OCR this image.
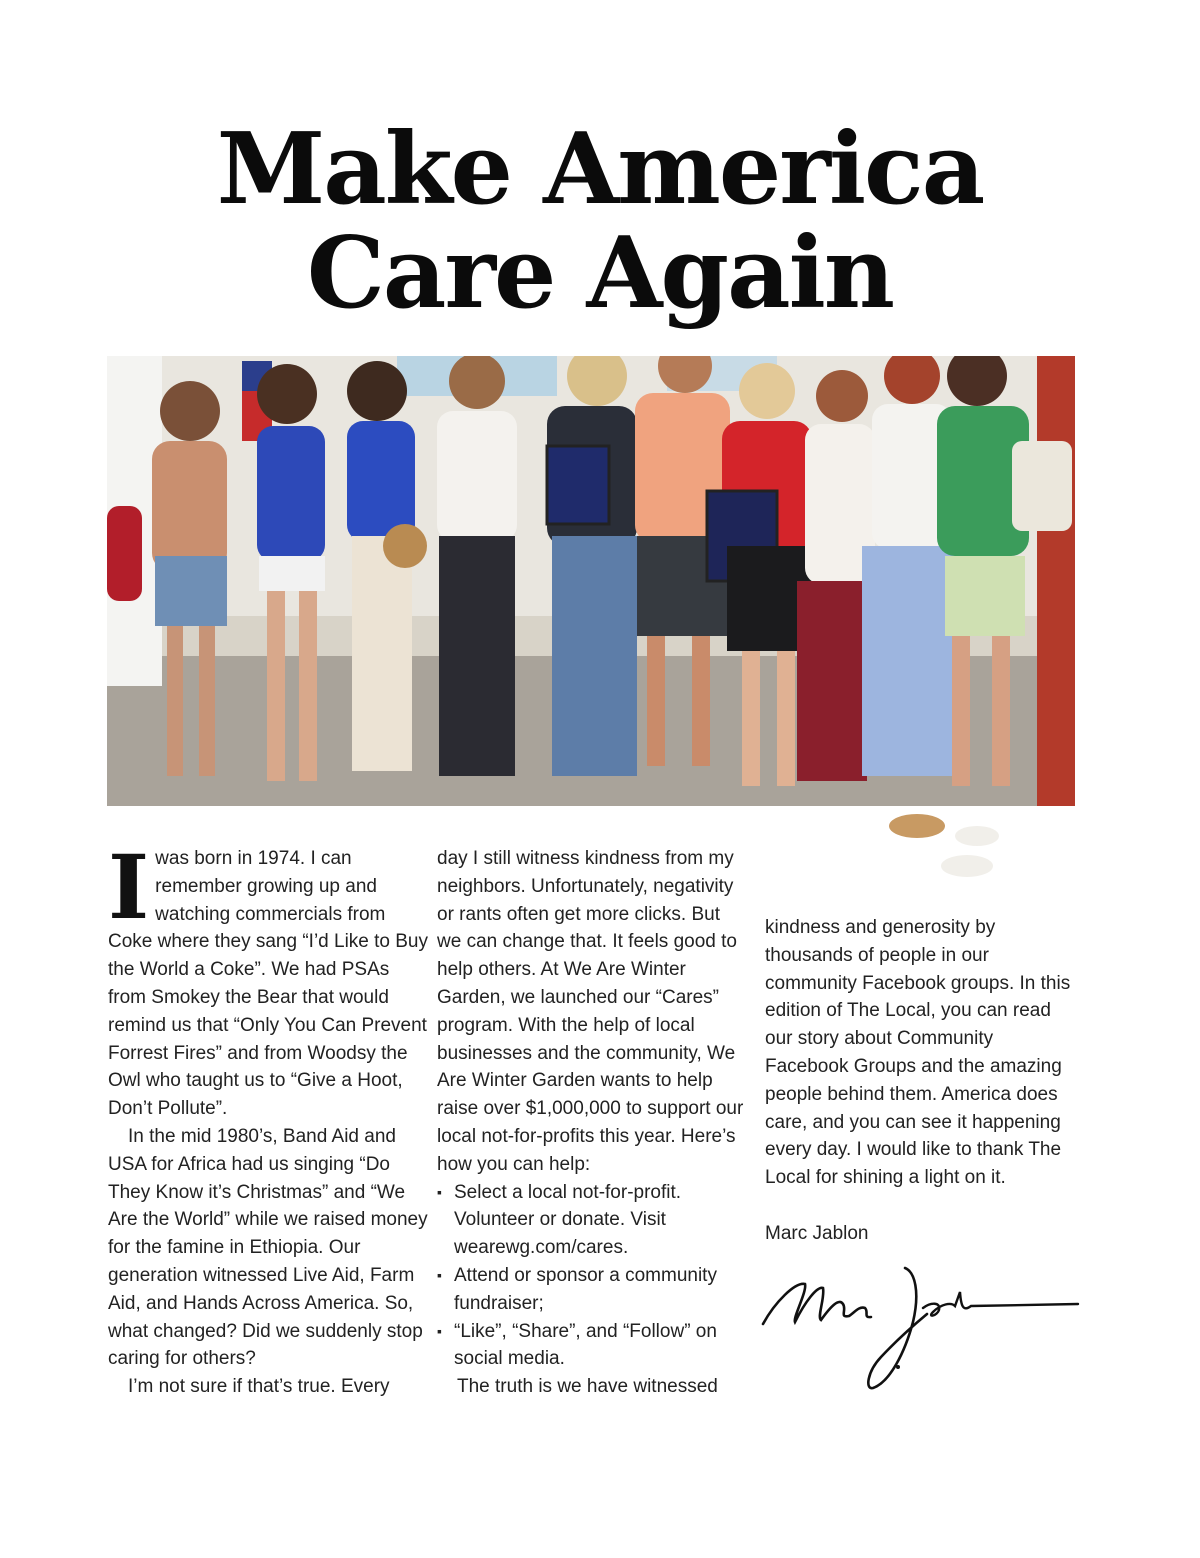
Make America
Care Again

Iwas born in 1974. I can remember growing up and watching commercials from Coke where they sang “I’d Like to Buy the World a Coke”. We had PSAs from Smokey the Bear that would remind us that “Only You Can Prevent Forrest Fires” and from Woodsy the Owl who taught us to “Give a Hoot, Don’t Pollute”.

In the mid 1980’s, Band Aid and USA for Africa had us singing “Do They Know it’s Christmas” and “We Are the World” while we raised money for the famine in Ethiopia. Our generation witnessed Live Aid, Farm Aid, and Hands Across America. So, what changed? Did we suddenly stop caring for others?

I’m not sure if that’s true. Every

day I still witness kindness from my neighbors. Unfortunately, negativity or rants often get more clicks. But we can change that. It feels good to help others. At We Are Winter Garden, we launched our “Cares” program. With the help of local businesses and the community, We Are Winter Garden wants to help raise over $1,000,000 to support our local not-for-profits this year. Here’s how you can help:

▪ Select a local not-for-profit. Volunteer or donate. Visit wearewg.com/cares.
▪ Attend or sponsor a community fundraiser;
▪ “Like”, “Share”, and “Follow” on social media.

The truth is we have witnessed

kindness and generosity by thousands of people in our community Facebook groups. In this edition of The Local, you can read our story about Community Facebook Groups and the amazing people behind them. America does care, and you can see it happening every day. I would like to thank The Local for shining a light on it.

Marc Jablon
